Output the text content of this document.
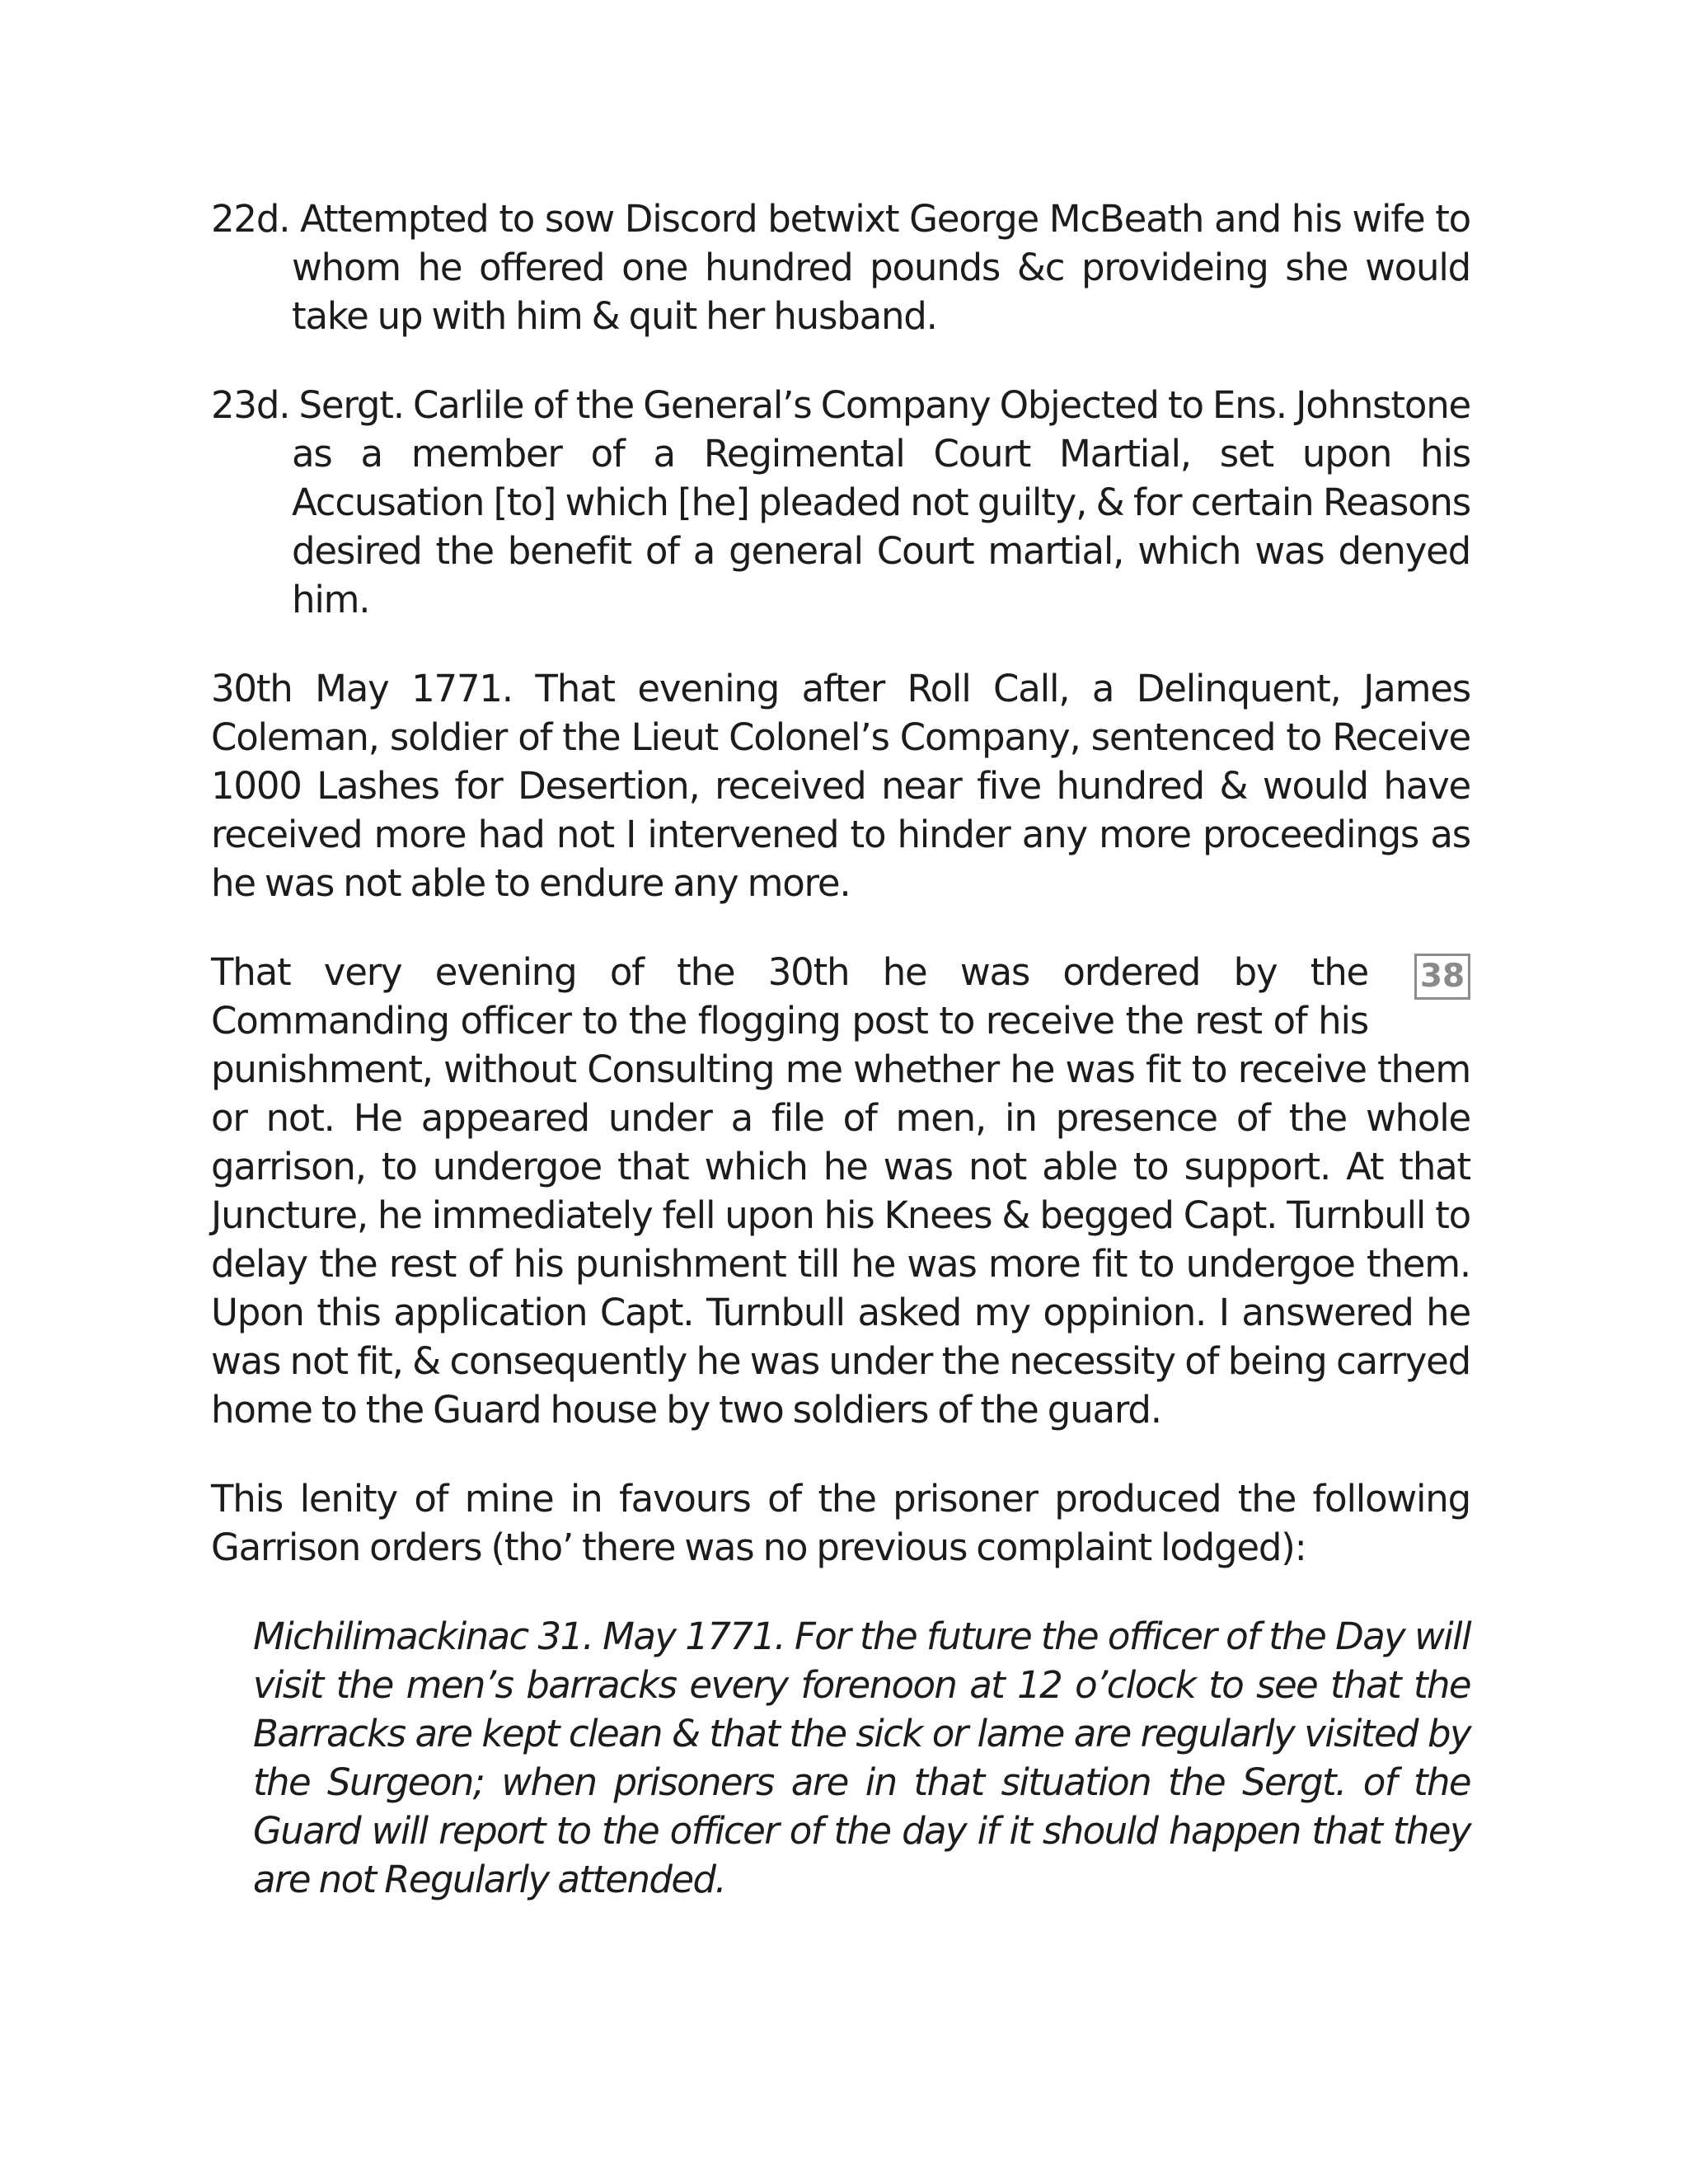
22d. Attempted to sow Discord betwixt George McBeath and his wife to whom he offered one hundred pounds &c provideing she would take up with him & quit her husband.

23d. Sergt. Carlile of the General’s Company Objected to Ens. Johnstone as a member of a Regimental Court Martial, set upon his Accusation [to] which [he] pleaded not guilty, & for certain Reasons desired the benefit of a general Court martial, which was denyed him.

30th May 1771. That evening after Roll Call, a Delinquent, James Coleman, soldier of the Lieut Colonel’s Company, sentenced to Receive 1000 Lashes for Desertion, received near five hundred & would have received more had not I intervened to hinder any more proceedings as he was not able to endure any more.

38
That very evening of the 30th he was ordered by the Commanding officer to the flogging post to receive the rest of his punishment, without Consulting me whether he was fit to receive them or not. He appeared under a file of men, in presence of the whole garrison, to undergoe that which he was not able to support. At that Juncture, he immediately fell upon his Knees & begged Capt. Turnbull to delay the rest of his punishment till he was more fit to undergoe them. Upon this application Capt. Turnbull asked my oppinion. I answered he was not fit, & consequently he was under the necessity of being carryed home to the Guard house by two soldiers of the guard.

This lenity of mine in favours of the prisoner produced the following Garrison orders (tho’ there was no previous complaint lodged):

Michilimackinac 31. May 1771. For the future the officer of the Day will visit the men’s barracks every forenoon at 12 o’clock to see that the Barracks are kept clean & that the sick or lame are regularly visited by the Surgeon; when prisoners are in that situation the Sergt. of the Guard will report to the officer of the day if it should happen that they are not Regularly attended.
